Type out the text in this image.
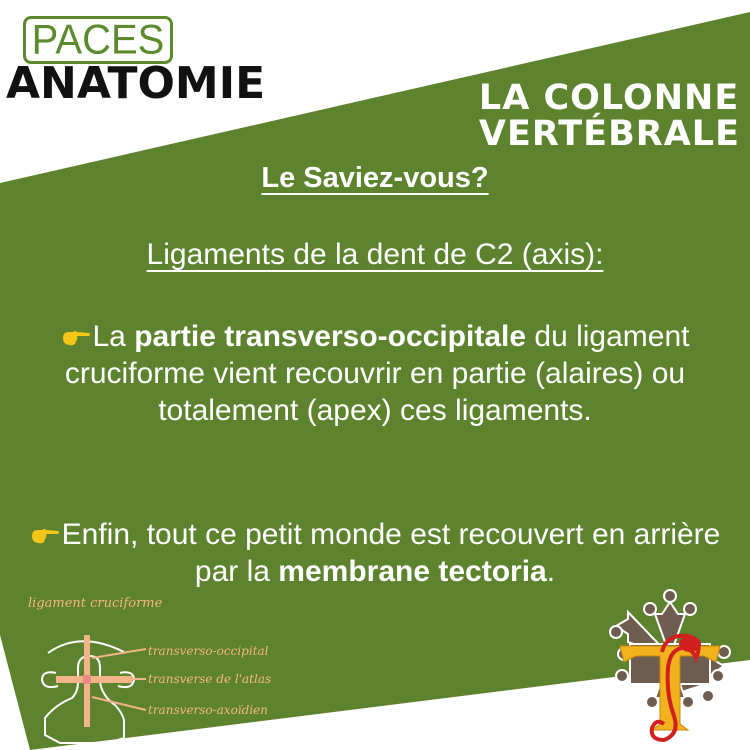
PACES
ANATOMIE	LA COLONNE
VERTÉBRALE
Le Saviez-vous?
Ligaments de la dent de C2 (axis):
La partie transverso-occipitale du ligament cruciforme vient recouvrir en partie (alaires) ou totalement (apex) ces ligaments.
Enfin, tout ce petit monde est recouvert en arrière par la membrane tectoria.
ligament cruciforme
transverso-occipital
transverse de l'atlas
transverso-axoïdien
